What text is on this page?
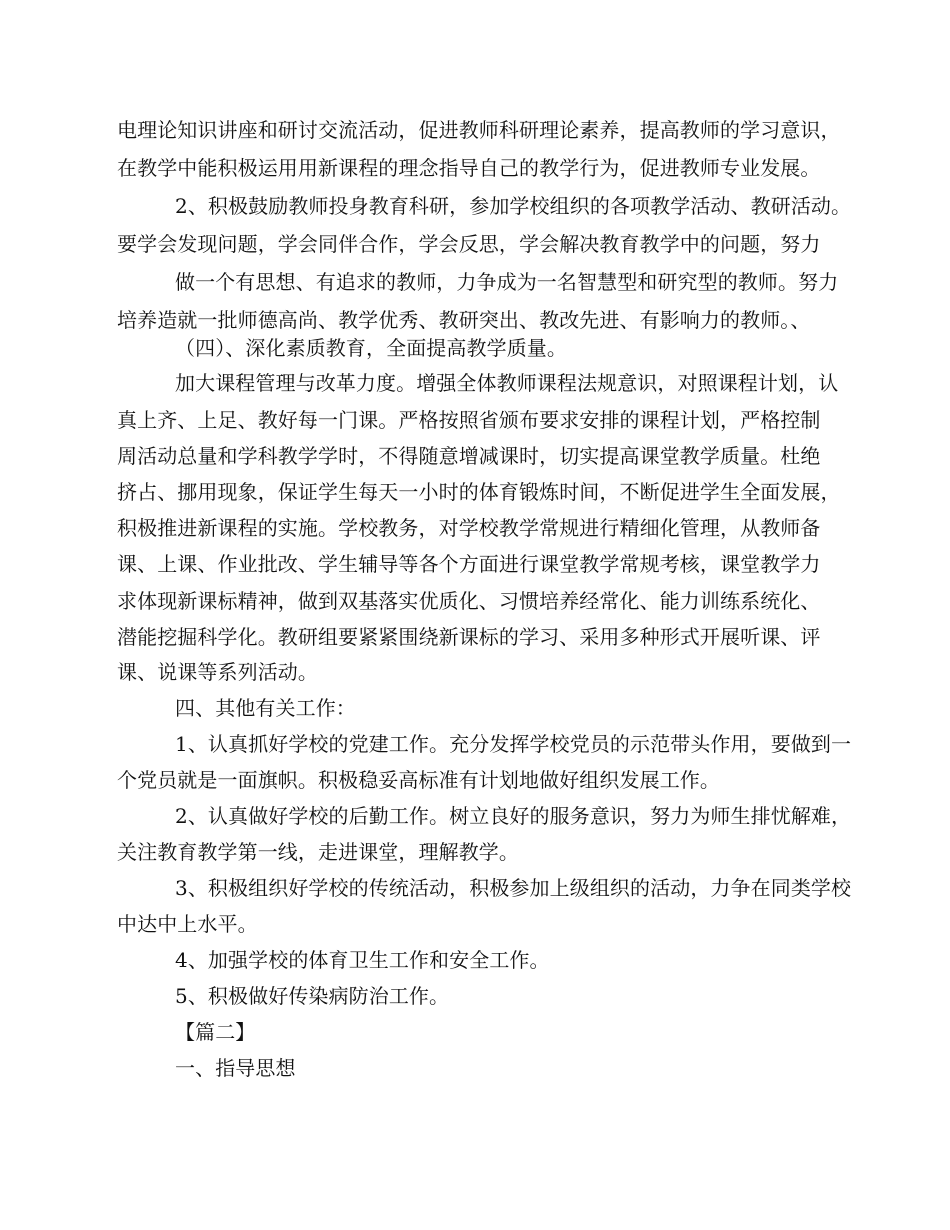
电理论知识讲座和研讨交流活动，促进教师科研理论素养，提高教师的学习意识，
在教学中能积极运用用新课程的理念指导自己的教学行为，促进教师专业发展。
2、积极鼓励教师投身教育科研，参加学校组织的各项教学活动、教研活动。
要学会发现问题，学会同伴合作，学会反思，学会解决教育教学中的问题，努力
做一个有思想、有追求的教师，力争成为一名智慧型和研究型的教师。努力
培养造就一批师德高尚、教学优秀、教研突出、教改先进、有影响力的教师。、
（四）、深化素质教育，全面提高教学质量。
加大课程管理与改革力度。增强全体教师课程法规意识，对照课程计划，认
真上齐、上足、教好每一门课。严格按照省颁布要求安排的课程计划，严格控制
周活动总量和学科教学学时，不得随意增减课时，切实提高课堂教学质量。杜绝
挤占、挪用现象，保证学生每天一小时的体育锻炼时间，不断促进学生全面发展，
积极推进新课程的实施。学校教务，对学校教学常规进行精细化管理，从教师备
课、上课、作业批改、学生辅导等各个方面进行课堂教学常规考核，课堂教学力
求体现新课标精神，做到双基落实优质化、习惯培养经常化、能力训练系统化、
潜能挖掘科学化。教研组要紧紧围绕新课标的学习、采用多种形式开展听课、评
课、说课等系列活动。
四、其他有关工作：
1、认真抓好学校的党建工作。充分发挥学校党员的示范带头作用，要做到一
个党员就是一面旗帜。积极稳妥高标准有计划地做好组织发展工作。
2、认真做好学校的后勤工作。树立良好的服务意识，努力为师生排忧解难，
关注教育教学第一线，走进课堂，理解教学。
3、积极组织好学校的传统活动，积极参加上级组织的活动，力争在同类学校
中达中上水平。
4、加强学校的体育卫生工作和安全工作。
5、积极做好传染病防治工作。
【篇二】
一、指导思想
